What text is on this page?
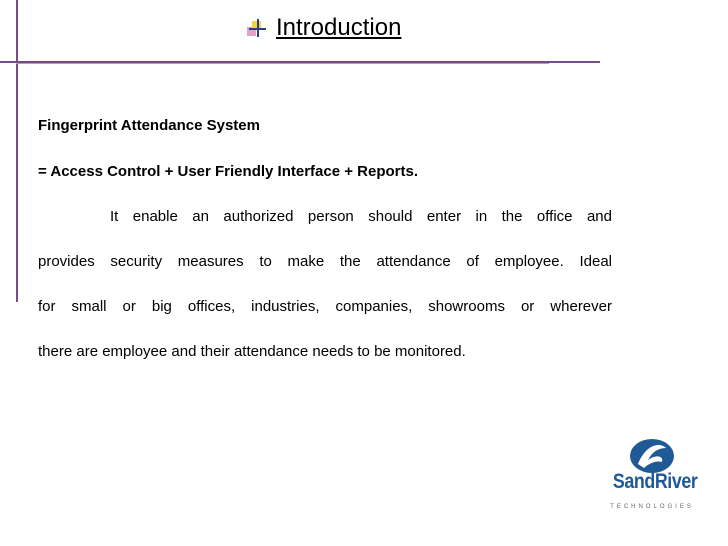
Introduction
Fingerprint Attendance System
= Access Control + User Friendly Interface + Reports.
It enable an authorized person should enter in the office and
provides security measures to make the attendance of employee. Ideal
for small or big offices, industries, companies, showrooms or wherever
there are employee and their attendance needs to be monitored.
SandRiver
TECHNOLOGIES
